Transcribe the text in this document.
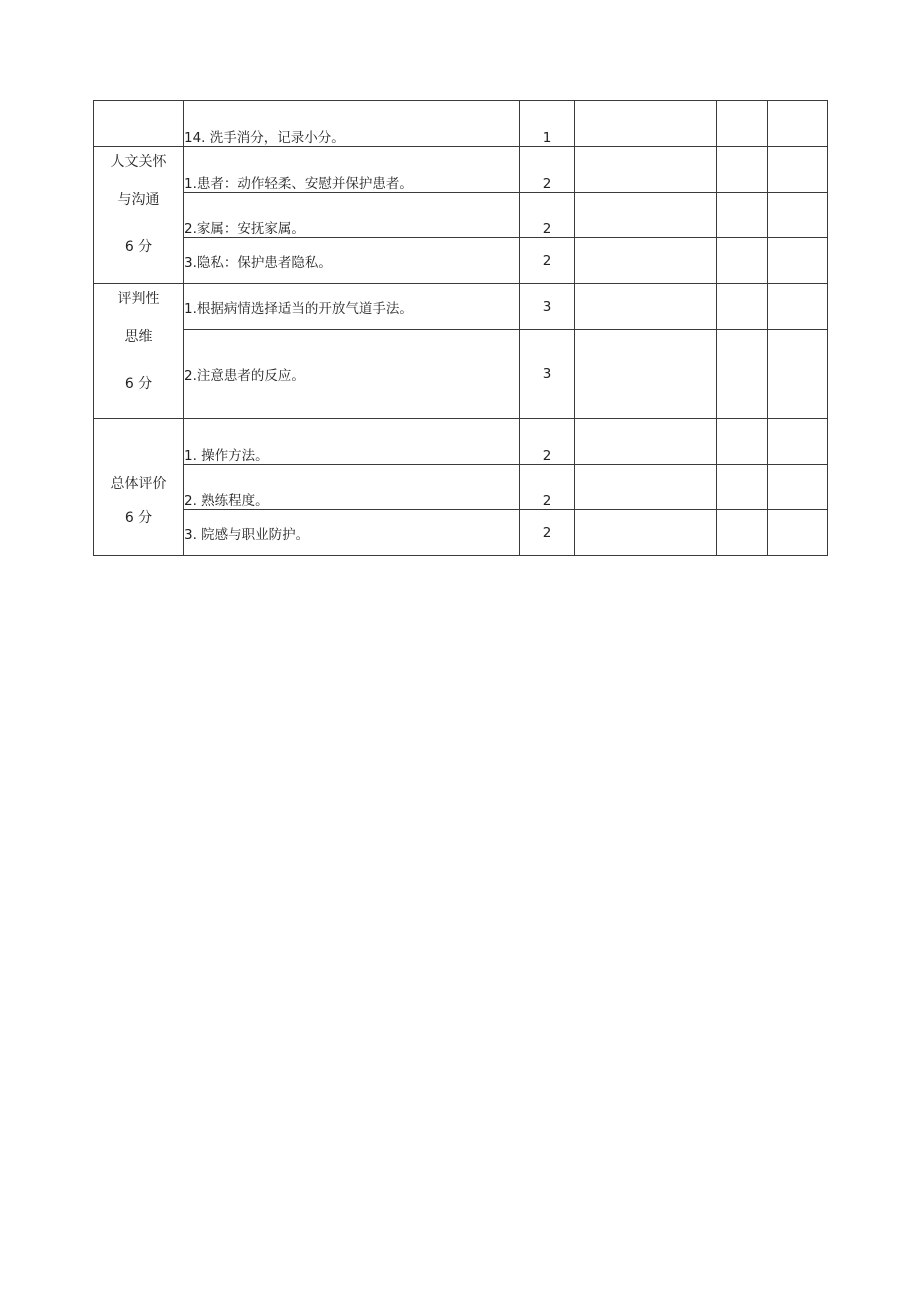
	14. 洗手消分，记录小分。	1			

人文关怀
与沟通
6 分	1.患者：动作轻柔、安慰并保护患者。	2			
	2.家属：安抚家属。	2			
	3.隐私：保护患者隐私。	2			

评判性
思维
6 分	1.根据病情选择适当的开放气道手法。	3			
	2.注意患者的反应。	3			

总体评价
6 分	1. 操作方法。	2			
	2. 熟练程度。	2			
	3. 院感与职业防护。	2			
